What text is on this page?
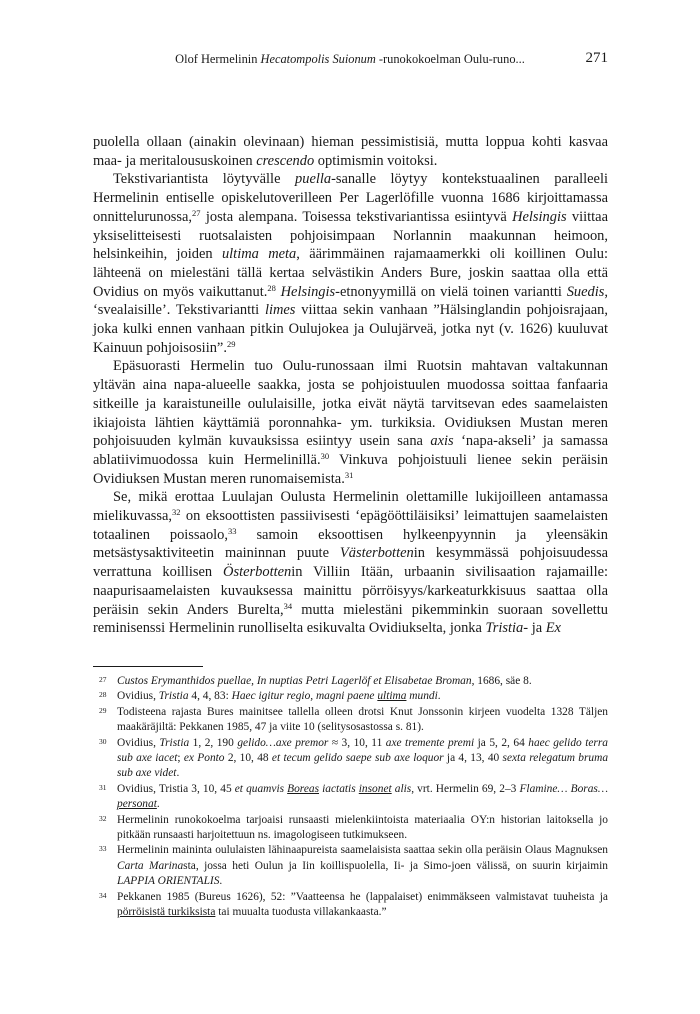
Olof Hermelinin Hecatompolis Suionum -runokokoelman Oulu-runo...	271

puolella ollaan (ainakin olevinaan) hieman pessimistisiä, mutta loppua kohti kasvaa maa- ja meritaloususkoinen crescendo optimismin voitoksi.

Tekstivariantista löytyvälle puella-sanalle löytyy kontekstuaalinen paralleeli Hermelinin entiselle opiskelutoverilleen Per Lagerlöfille vuonna 1686 kirjoittamassa onnittelurunossa,$^{27}$ josta alempana. Toisessa tekstivariantissa esiintyvä Helsingis viittaa yksiselitteisesti ruotsalaisten pohjoisimpaan Norlannin maakunnan heimoon, helsinkeihin, joiden ultima meta, äärimmäinen rajamaamerkki oli koillinen Oulu: lähteenä on mielestäni tällä kertaa selvästikin Anders Bure, joskin saattaa olla että Ovidius on myös vaikuttanut.$^{28}$ Helsingis-etnonyymillä on vielä toinen variantti Suedis, ‘svealaisille’. Tekstivariantti limes viittaa sekin vanhaan ”Hälsinglandin pohjoisrajaan, joka kulki ennen vanhaan pitkin Oulujokea ja Oulujärveä, jotka nyt (v. 1626) kuuluvat Kainuun pohjoisosiin”.$^{29}$

Epäsuorasti Hermelin tuo Oulu-runossaan ilmi Ruotsin mahtavan valtakunnan yltävän aina napa-alueelle saakka, josta se pohjoistuulen muodossa soittaa fanfaaria sitkeille ja karaistuneille oululaisille, jotka eivät näytä tarvitsevan edes saamelaisten ikiajoista lähtien käyttämiä poronnahka- ym. turkiksia. Ovidiuksen Mustan meren pohjoisuuden kylmän kuvauksissa esiintyy usein sana axis ‘napa-akseli’ ja samassa ablatiivimuodossa kuin Hermelinillä.$^{30}$ Vinkuva pohjoistuuli lienee sekin peräisin Ovidiuksen Mustan meren runomaisemista.$^{31}$

Se, mikä erottaa Luulajan Oulusta Hermelinin olettamille lukijoilleen antamassa mielikuvassa,$^{32}$ on eksoottisten passiivisesti ‘epägööttiläisiksi’ leimattujen saamelaisten totaalinen poissaolo,$^{33}$ samoin eksoottisen hylkeenpyynnin ja yleensäkin metsästysaktiviteetin maininnan puute Västerbottenin kesymmässä pohjoisuudessa verrattuna koillisen Österbottenin Villiin Itään, urbaanin sivilisaation rajamaille: naapurisaamelaisten kuvauksessa mainittu pörröisyys/karkeaturkkisuus saattaa olla peräisin sekin Anders Burelta,$^{34}$ mutta mielestäni pikemminkin suoraan sovellettu reminisenssi Hermelinin runolliselta esikuvalta Ovidiukselta, jonka Tristia- ja Ex

27 Custos Erymanthidos puellae, In nuptias Petri Lagerlöf et Elisabetae Broman, 1686, säe 8.
28 Ovidius, Tristia 4, 4, 83: Haec igitur regio, magni paene ultima mundi.
29 Todisteena rajasta Bures mainitsee tallella olleen drotsi Knut Jonssonin kirjeen vuodelta 1328 Täljen maakäräjiltä: Pekkanen 1985, 47 ja viite 10 (selitysosastossa s. 81).
30 Ovidius, Tristia 1, 2, 190 gelido…axe premor ≈ 3, 10, 11 axe tremente premi ja 5, 2, 64 haec gelido terra sub axe iacet; ex Ponto 2, 10, 48 et tecum gelido saepe sub axe loquor ja 4, 13, 40 sexta relegatum bruma sub axe videt.
31 Ovidius, Tristia 3, 10, 45 et quamvis Boreas iactatis insonet alis, vrt. Hermelin 69, 2–3 Flamine… Boras… personat.
32 Hermelinin runokokoelma tarjoaisi runsaasti mielenkiintoista materiaalia OY:n historian laitoksella jo pitkään runsaasti harjoitettuun ns. imagologiseen tutkimukseen.
33 Hermelinin maininta oululaisten lähinaapureista saamelaisista saattaa sekin olla peräisin Olaus Magnuksen Carta Marinasta, jossa heti Oulun ja Iin koillispuolella, Ii- ja Simo-joen välissä, on suurin kirjaimin LAPPIA ORIENTALIS.
34 Pekkanen 1985 (Bureus 1626), 52: ”Vaatteensa he (lappalaiset) enimmäkseen valmistavat tuuheista ja pörröisistä turkiksista tai muualta tuodusta villakankaasta.”
